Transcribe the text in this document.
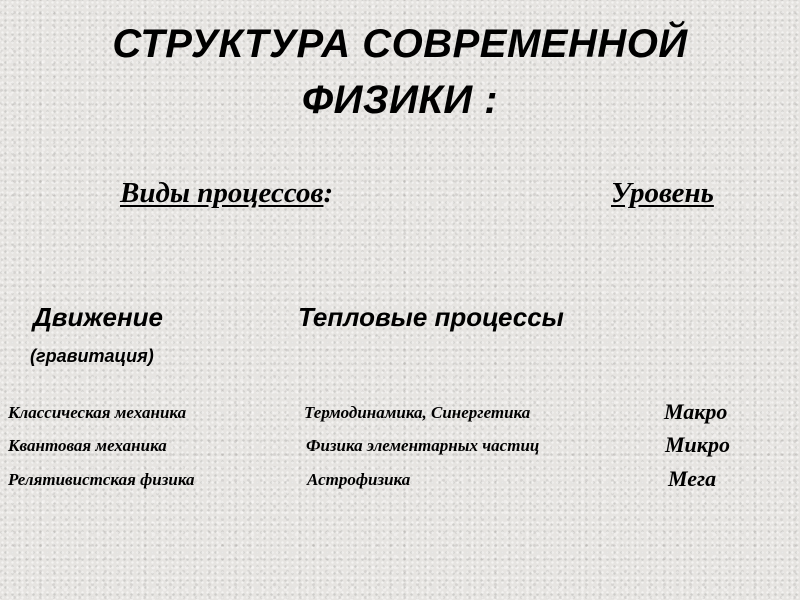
СТРУКТУРА СОВРЕМЕННОЙ
ФИЗИКИ :
Виды процессов:	Уровень
Движение
(гравитация)
Тепловые процессы
Классическая механика	Термодинамика, Синергетика	Макро
Квантовая механика	Физика элементарных частиц	Микро
Релятивистская физика	Астрофизика	Мега
